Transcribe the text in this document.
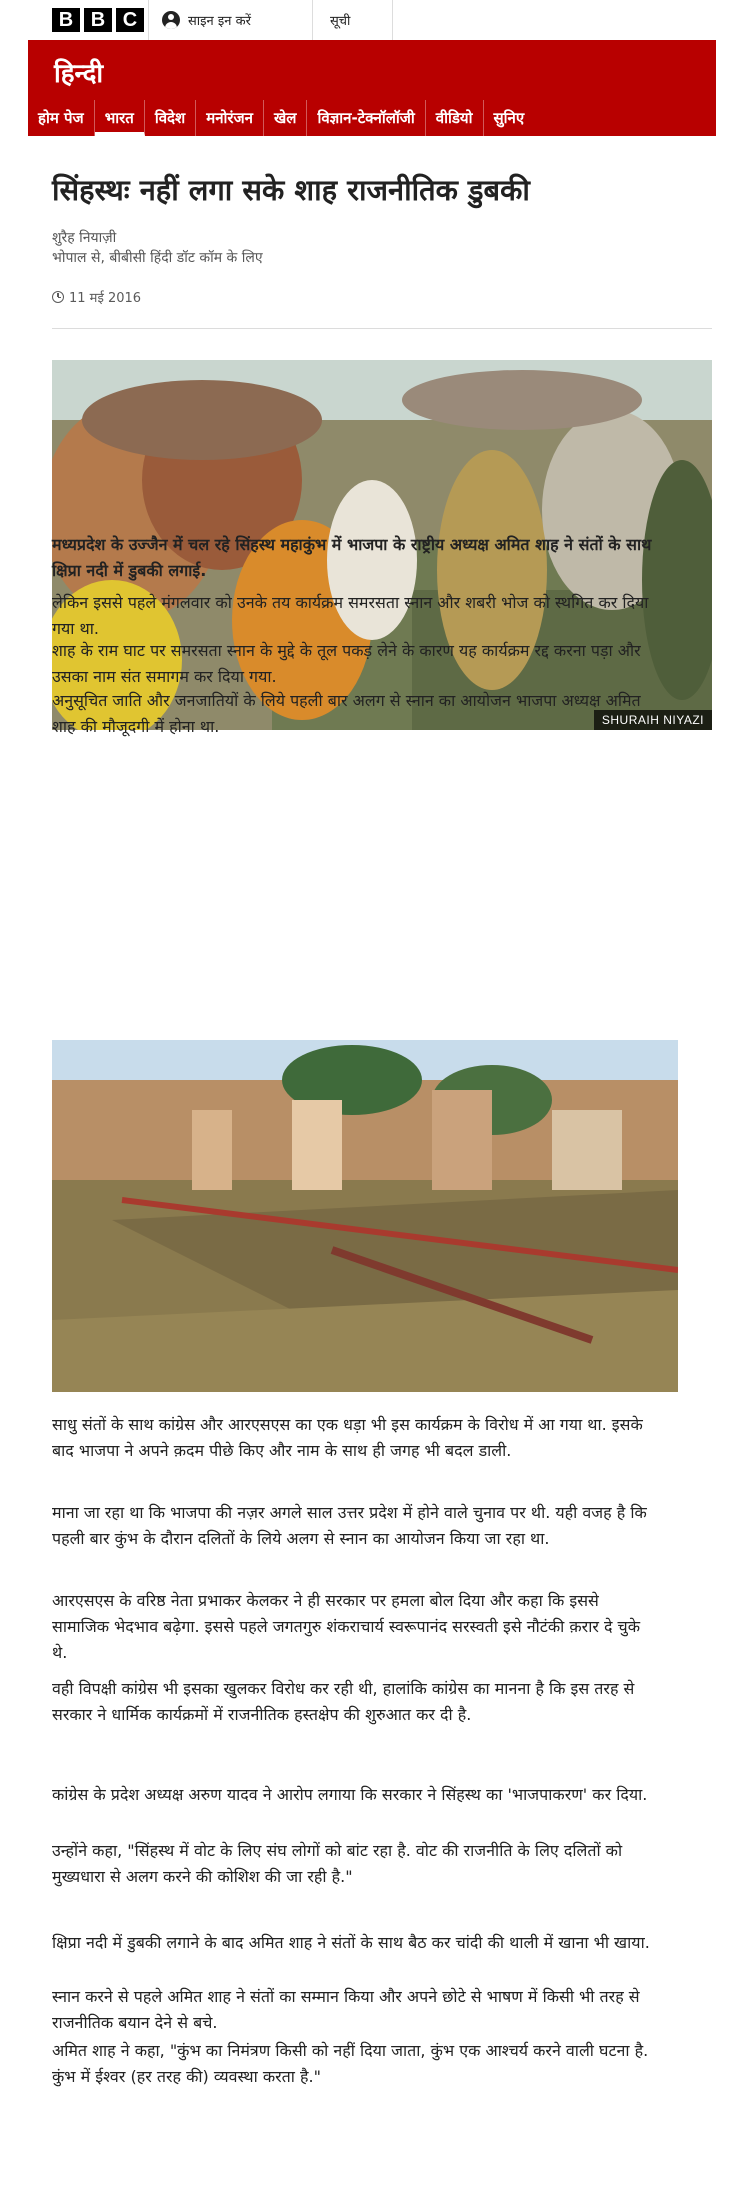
B B C	साइन इन करें	सूची
हिन्दी
होम पेज	भारत	विदेश	मनोरंजन	खेल	विज्ञान-टेक्नॉलॉजी	वीडियो	सुनिए
सिंहस्थः नहीं लगा सके शाह राजनीतिक डुबकी
शुरैह नियाज़ी
भोपाल से, बीबीसी हिंदी डॉट कॉम के लिए
11 मई 2016
SHURAIH NIYAZI

मध्यप्रदेश के उज्जैन में चल रहे सिंहस्थ महाकुंभ में भाजपा के राष्ट्रीय अध्यक्ष अमित शाह ने संतों के साथ क्षिप्रा नदी में डुबकी लगाई.

लेकिन इससे पहले मंगलवार को उनके तय कार्यक्रम समरसता स्नान और शबरी भोज को स्थगित कर दिया गया था.

शाह के राम घाट पर समरसता स्नान के मुद्दे के तूल पकड़ लेने के कारण यह कार्यक्रम रद्द करना पड़ा और उसका नाम संत समागम कर दिया गया.

अनुसूचित जाति और जनजातियों के लिये पहली बार अलग से स्नान का आयोजन भाजपा अध्यक्ष अमित शाह की मौजूदगी में होना था.

साधु संतों के साथ कांग्रेस और आरएसएस का एक धड़ा भी इस कार्यक्रम के विरोध में आ गया था. इसके बाद भाजपा ने अपने क़दम पीछे किए और नाम के साथ ही जगह भी बदल डाली.

माना जा रहा था कि भाजपा की नज़र अगले साल उत्तर प्रदेश में होने वाले चुनाव पर थी. यही वजह है कि पहली बार कुंभ के दौरान दलितों के लिये अलग से स्नान का आयोजन किया जा रहा था.

आरएसएस के वरिष्ठ नेता प्रभाकर केलकर ने ही सरकार पर हमला बोल दिया और कहा कि इससे सामाजिक भेदभाव बढ़ेगा. इससे पहले जगतगुरु शंकराचार्य स्वरूपानंद सरस्वती इसे नौटंकी क़रार दे चुके थे.

वही विपक्षी कांग्रेस भी इसका खुलकर विरोध कर रही थी, हालांकि कांग्रेस का मानना है कि इस तरह से सरकार ने धार्मिक कार्यक्रमों में राजनीतिक हस्तक्षेप की शुरुआत कर दी है.

कांग्रेस के प्रदेश अध्यक्ष अरुण यादव ने आरोप लगाया कि सरकार ने सिंहस्थ का 'भाजपाकरण' कर दिया.

उन्होंने कहा, "सिंहस्थ में वोट के लिए संघ लोगों को बांट रहा है. वोट की राजनीति के लिए दलितों को मुख्यधारा से अलग करने की कोशिश की जा रही है."

क्षिप्रा नदी में डुबकी लगाने के बाद अमित शाह ने संतों के साथ बैठ कर चांदी की थाली में खाना भी खाया.

स्नान करने से पहले अमित शाह ने संतों का सम्मान किया और अपने छोटे से भाषण में किसी भी तरह से राजनीतिक बयान देने से बचे.

अमित शाह ने कहा, "कुंभ का निमंत्रण किसी को नहीं दिया जाता, कुंभ एक आश्चर्य करने वाली घटना है. कुंभ में ईश्वर (हर तरह की) व्यवस्था करता है."
